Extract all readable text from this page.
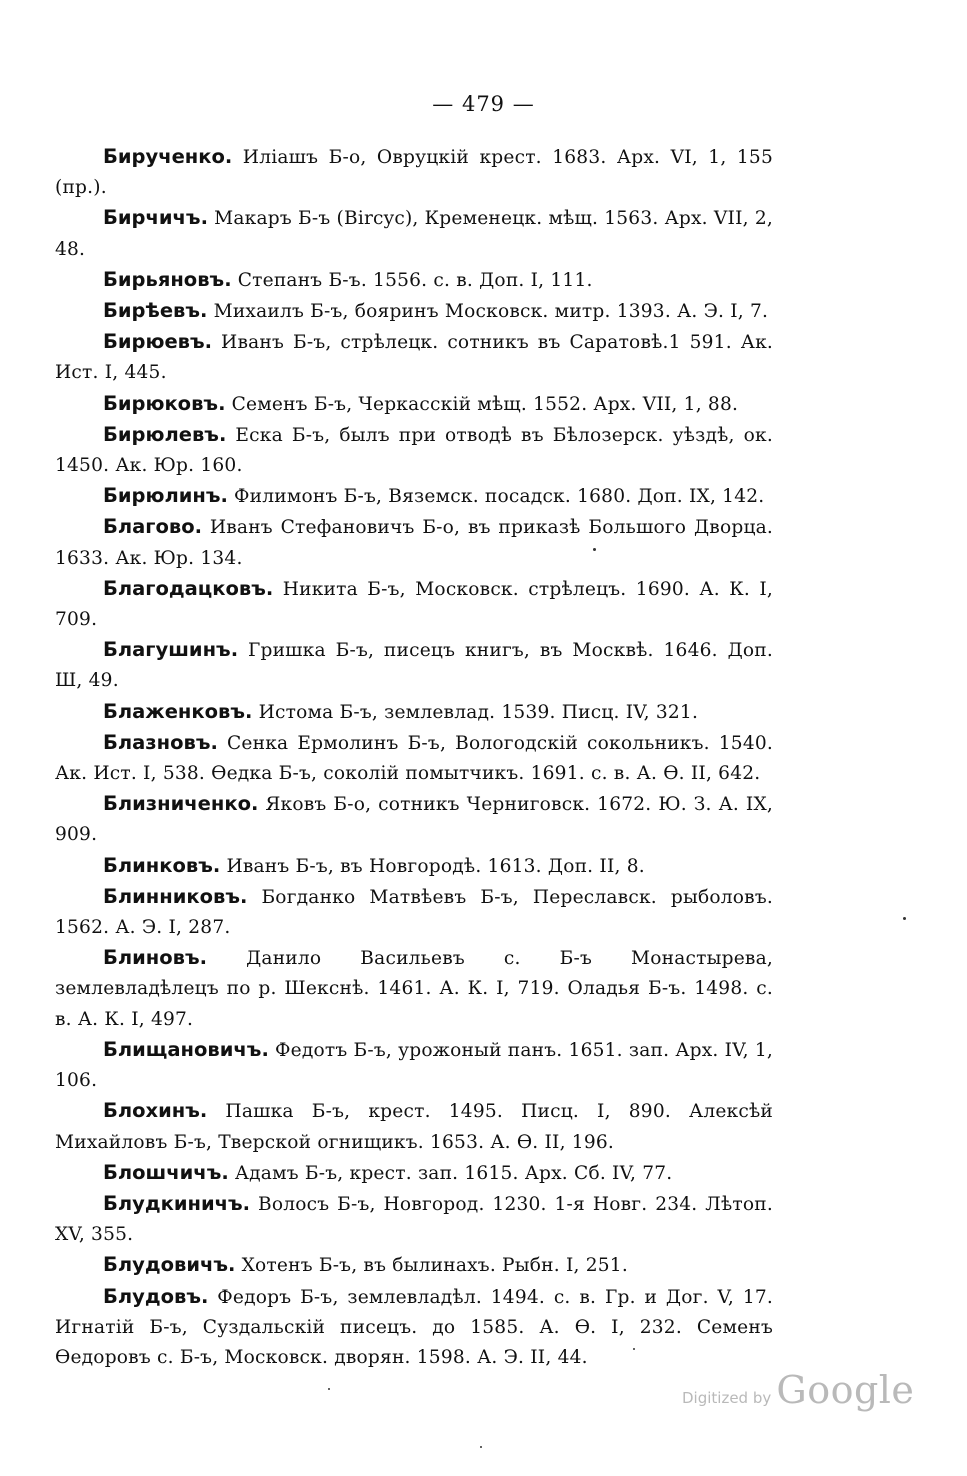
— 479 —

Бирученко. Иліашъ Б-о, Овруцкій крест. 1683. Арх. VI, 1, 155 (пр.).

Бирчичъ. Макаръ Б-ъ (Bircyc), Кременецк. мѣщ. 1563. Арх. VII, 2, 48.

Бирьяновъ. Степанъ Б-ъ. 1556. с. в. Доп. I, 111.

Бирѣевъ. Михаилъ Б-ъ, бояринъ Московск. митр. 1393. А. Э. I, 7.

Бирюевъ. Иванъ Б-ъ, стрѣлецк. сотникъ въ Саратовѣ.1 591. Ак. Ист. I, 445.

Бирюковъ. Семенъ Б-ъ, Черкасскій мѣщ. 1552. Арх. VII, 1, 88.

Бирюлевъ. Еска Б-ъ, былъ при отводѣ въ Бѣлозерск. уѣздѣ, ок. 1450. Ак. Юр. 160.

Бирюлинъ. Филимонъ Б-ъ, Вяземск. посадск. 1680. Доп. IX, 142.

Благово. Иванъ Стефановичъ Б-о, въ приказѣ Большого Дворца. 1633. Ак. Юр. 134.

Благодацковъ. Никита Б-ъ, Московск. стрѣлецъ. 1690. А. К. I, 709.

Благушинъ. Гришка Б-ъ, писецъ книгъ, въ Москвѣ. 1646. Доп. Ш, 49.

Блаженковъ. Истома Б-ъ, землевлад. 1539. Писц. IV, 321.

Блазновъ. Сенка Ермолинъ Б-ъ, Вологодскій сокольникъ. 1540. Ак. Ист. I, 538. Ѳедка Б-ъ, соколій помытчикъ. 1691. с. в. А. Ѳ. II, 642.

Близниченко. Яковъ Б-о, сотникъ Черниговск. 1672. Ю. З. А. IX, 909.

Блинковъ. Иванъ Б-ъ, въ Новгородѣ. 1613. Доп. II, 8.

Блинниковъ. Богданко Матвѣевъ Б-ъ, Переславск. рыболовъ. 1562. А. Э. I, 287.

Блиновъ. Данило Васильевъ с. Б-ъ Монастырева, землевладѣлецъ по р. Шекснѣ. 1461. А. К. I, 719. Оладья Б-ъ. 1498. с. в. А. К. I, 497.

Блищановичъ. Федотъ Б-ъ, урожоный панъ. 1651. зап. Арх. IV, 1, 106.

Блохинъ. Пашка Б-ъ, крест. 1495. Писц. I, 890. Алексѣй Михайловъ Б-ъ, Тверской огнищикъ. 1653. А. Ѳ. II, 196.

Блошчичъ. Адамъ Б-ъ, крест. зап. 1615. Арх. Сб. IV, 77.

Блудкиничъ. Волосъ Б-ъ, Новгород. 1230. 1-я Новг. 234. Лѣтоп. XV, 355.

Блудовичъ. Хотенъ Б-ъ, въ былинахъ. Рыбн. I, 251.

Блудовъ. Федоръ Б-ъ, землевладѣл. 1494. с. в. Гр. и Дог. V, 17. Игнатій Б-ъ, Суздальскій писецъ. до 1585. А. Ѳ. I, 232. Семенъ Ѳедоровъ с. Б-ъ, Московск. дворян. 1598. А. Э. II, 44.

Digitized by Google
